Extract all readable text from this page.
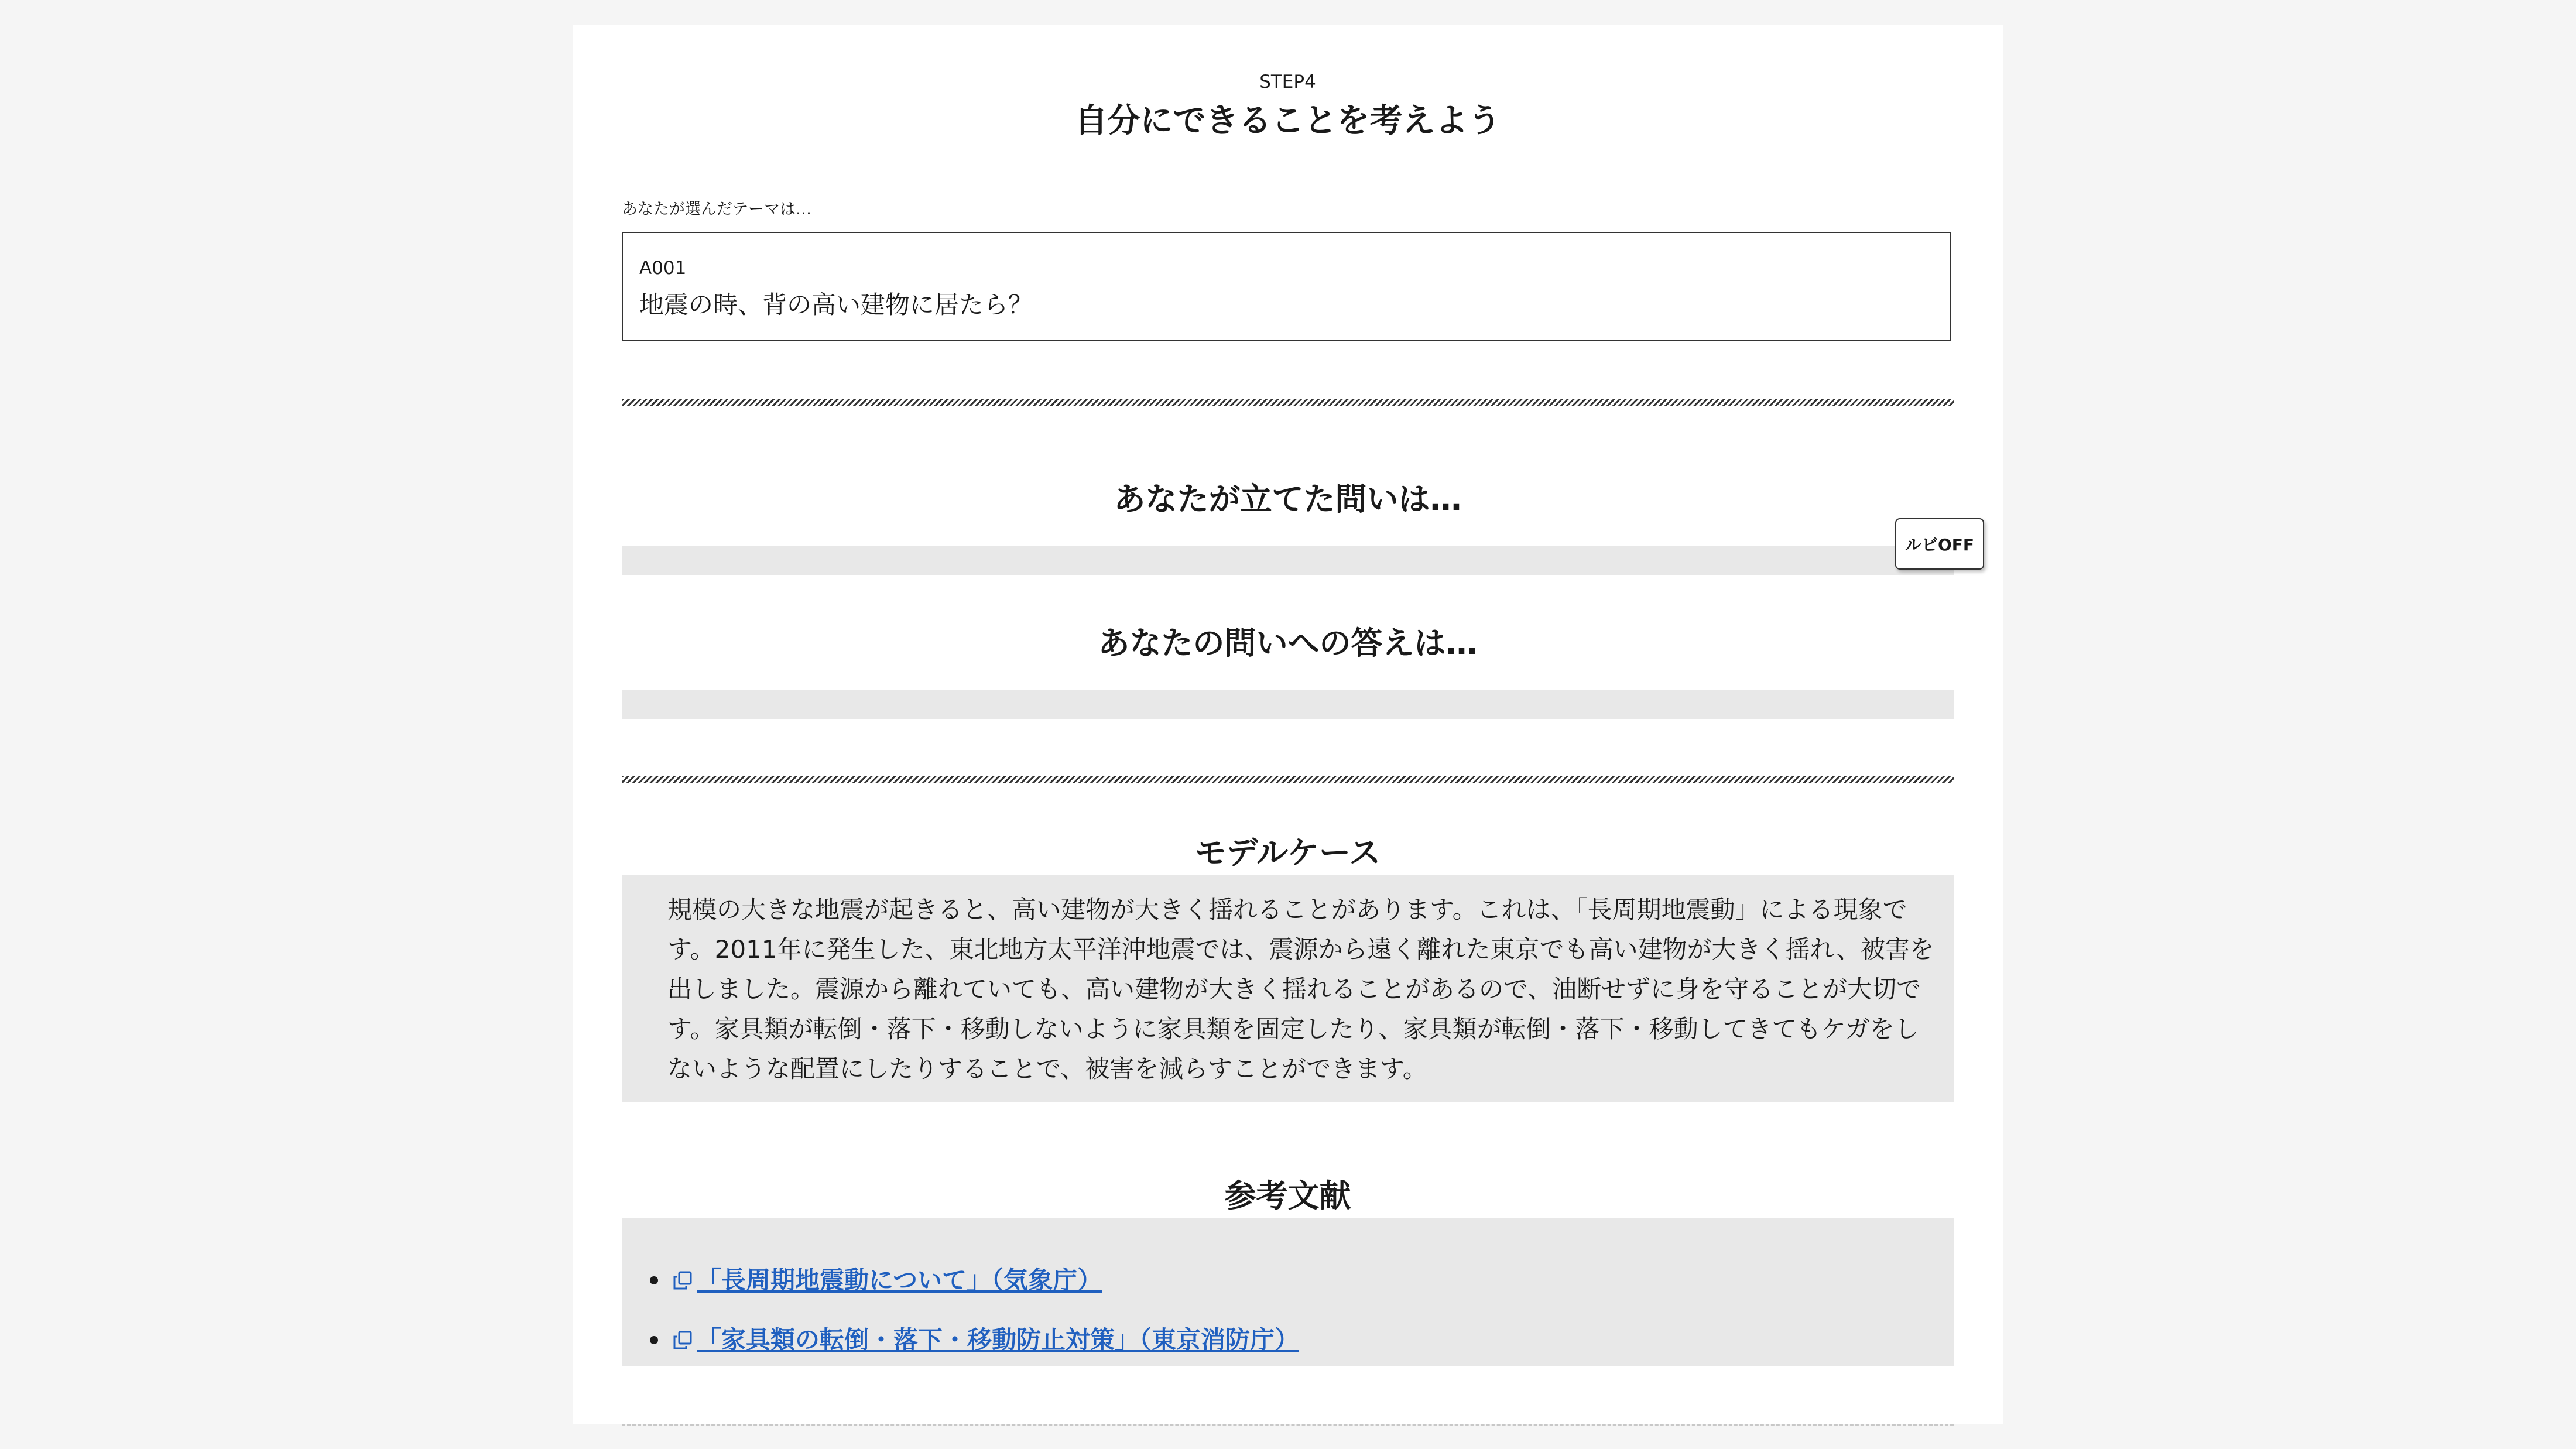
STEP4
自分にできることを考えよう
あなたが選んだテーマは…
A001
地震の時、背の高い建物に居たら？
あなたが立てた問いは…
あなたの問いへの答えは…
モデルケース

規模の大きな地震が起きると、高い建物が大きく揺れることがあります。これは、「長周期地震動」による現象です。2011年に発生した、東北地方太平洋沖地震では、震源から遠く離れた東京でも高い建物が大きく揺れ、被害を出しました。震源から離れていても、高い建物が大きく揺れることがあるので、油断せずに身を守ることが大切です。家具類が転倒・落下・移動しないように家具類を固定したり、家具類が転倒・落下・移動してきてもケガをしないような配置にしたりすることで、被害を減らすことができます。

参考文献
「長周期地震動について」（気象庁）
「家具類の転倒・落下・移動防止対策」（東京消防庁）
ルビOFF
